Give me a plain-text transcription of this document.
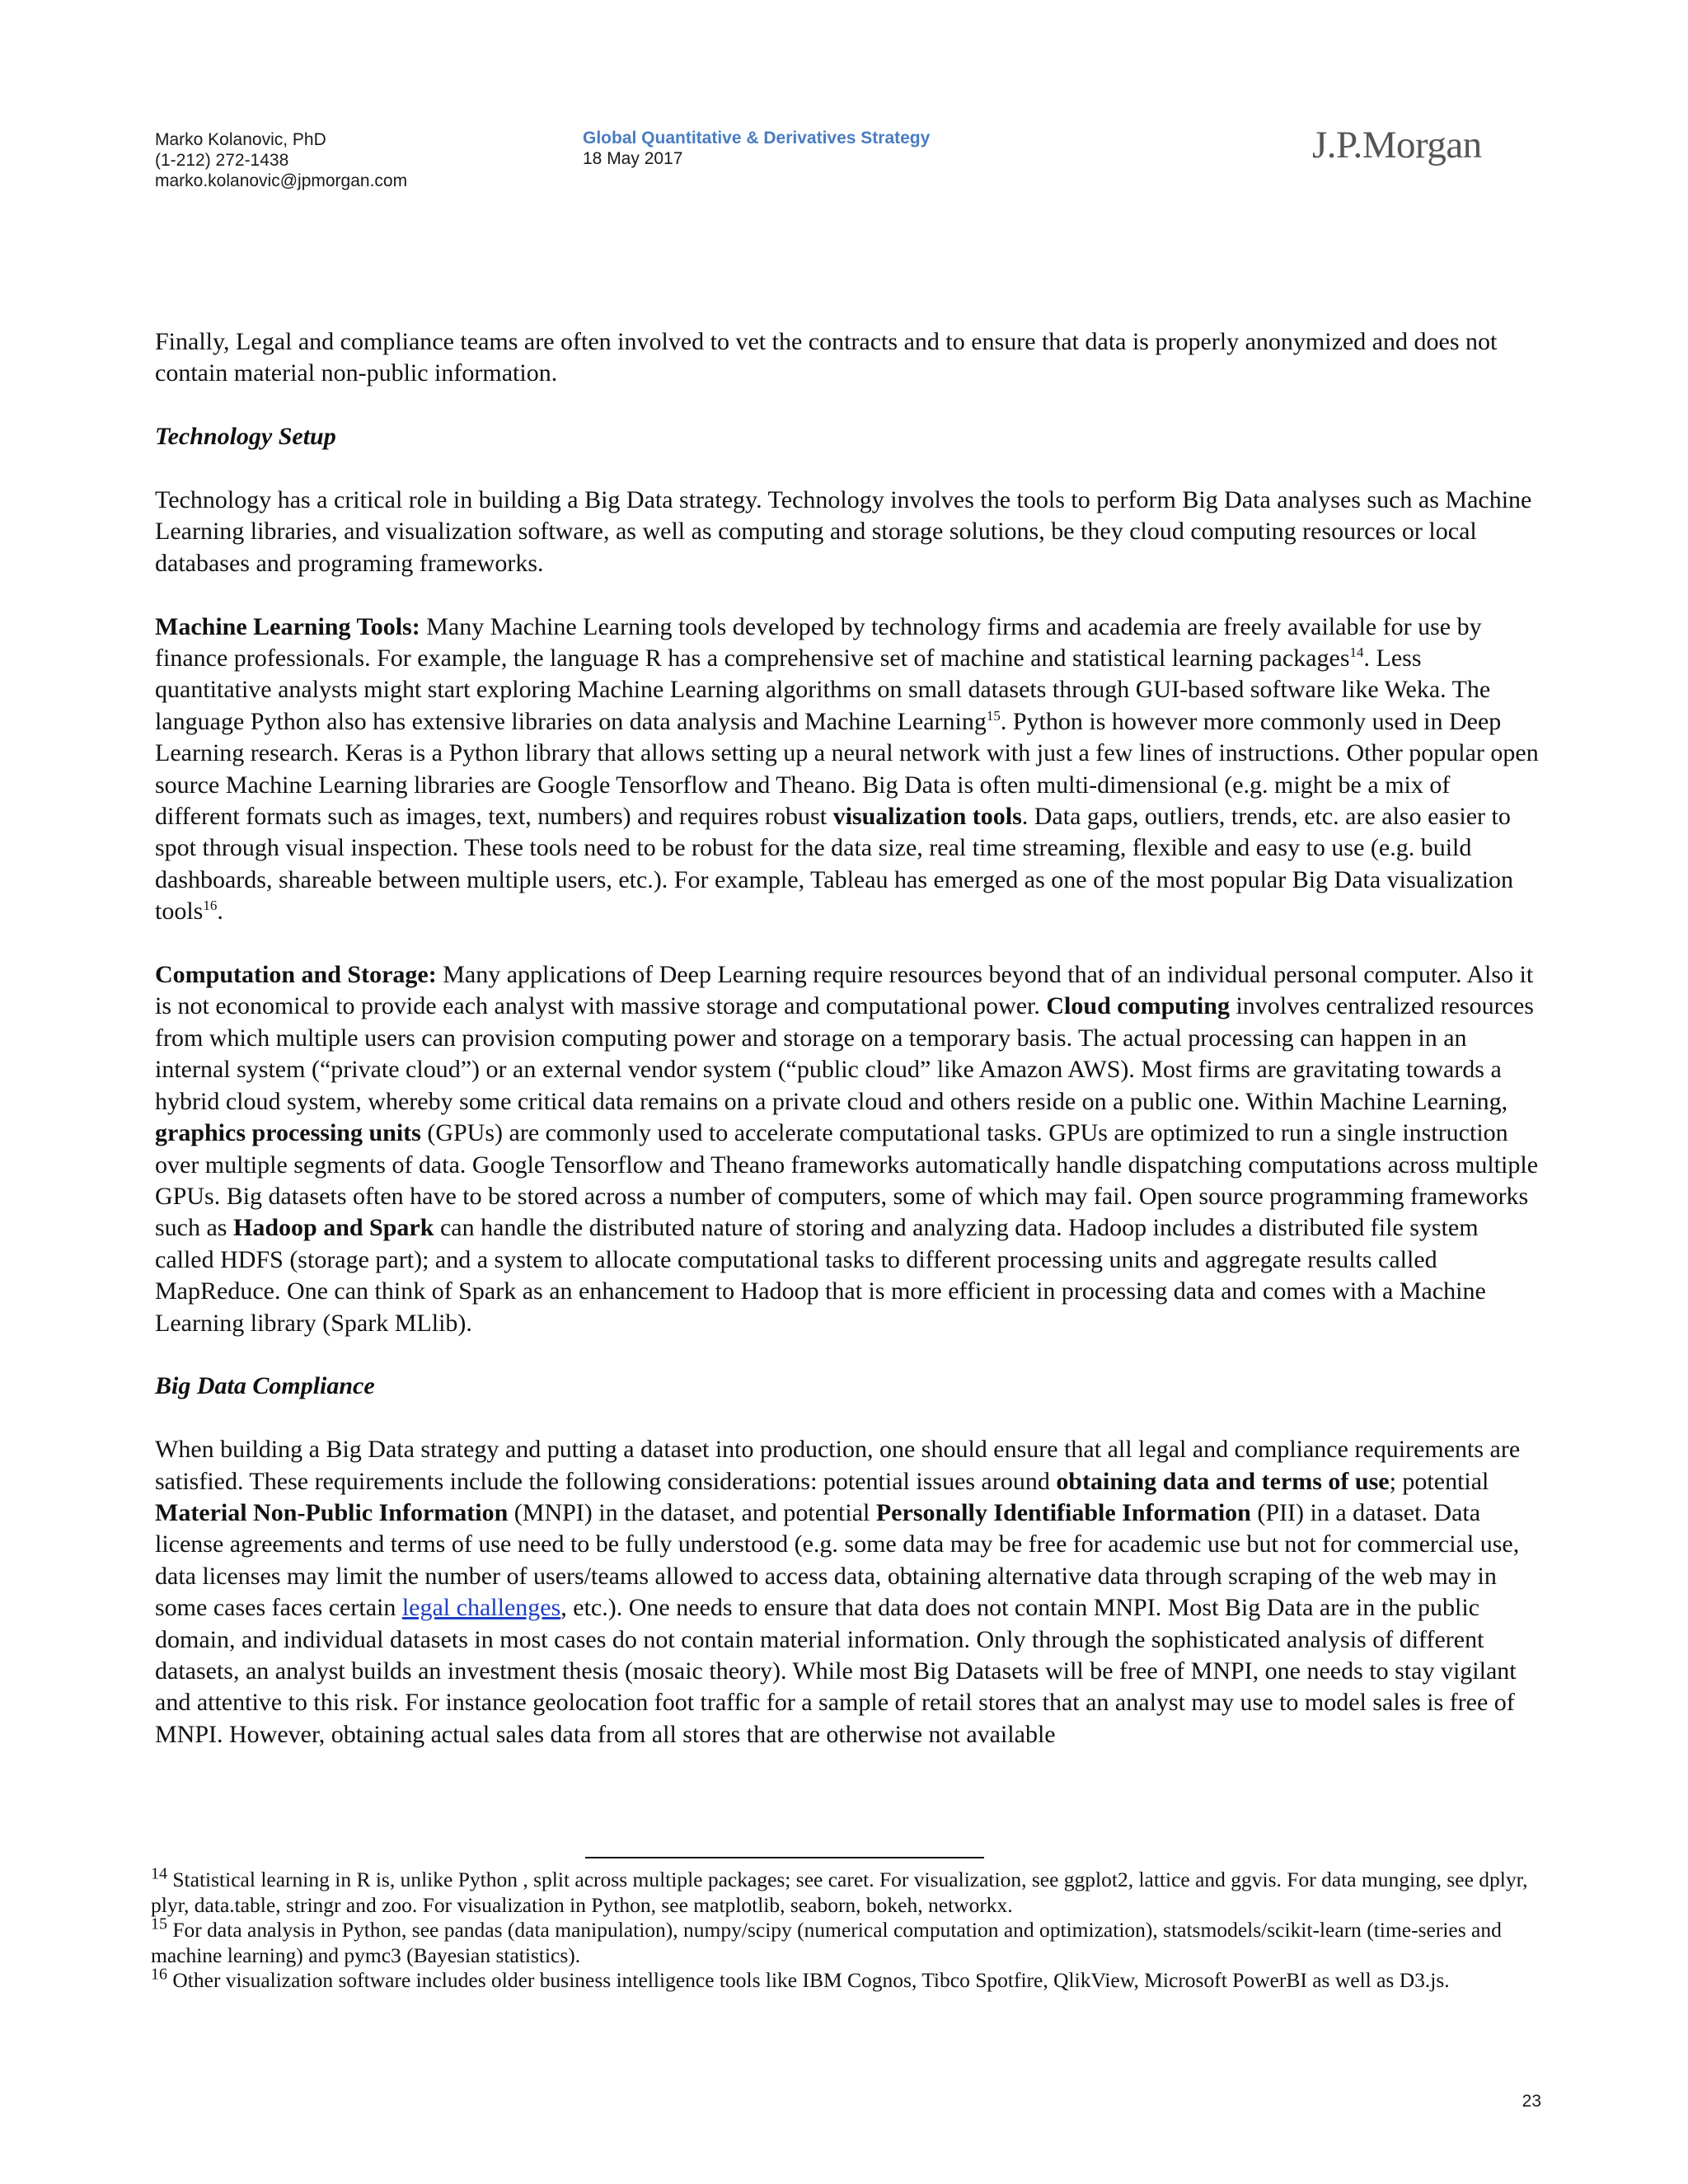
Marko Kolanovic, PhD
(1-212) 272-1438
marko.kolanovic@jpmorgan.com
Global Quantitative & Derivatives Strategy
18 May 2017	J.P.Morgan

Finally, Legal and compliance teams are often involved to vet the contracts and to ensure that data is properly anonymized and does not contain material non-public information.

Technology Setup

Technology has a critical role in building a Big Data strategy. Technology involves the tools to perform Big Data analyses such as Machine Learning libraries, and visualization software, as well as computing and storage solutions, be they cloud computing resources or local databases and programing frameworks.

Machine Learning Tools: Many Machine Learning tools developed by technology firms and academia are freely available for use by finance professionals. For example, the language R has a comprehensive set of machine and statistical learning packages$^{14}$. Less quantitative analysts might start exploring Machine Learning algorithms on small datasets through GUI-based software like Weka. The language Python also has extensive libraries on data analysis and Machine Learning$^{15}$. Python is however more commonly used in Deep Learning research. Keras is a Python library that allows setting up a neural network with just a few lines of instructions. Other popular open source Machine Learning libraries are Google Tensorflow and Theano. Big Data is often multi-dimensional (e.g. might be a mix of different formats such as images, text, numbers) and requires robust visualization tools. Data gaps, outliers, trends, etc. are also easier to spot through visual inspection. These tools need to be robust for the data size, real time streaming, flexible and easy to use (e.g. build dashboards, shareable between multiple users, etc.). For example, Tableau has emerged as one of the most popular Big Data visualization tools$^{16}$.

Computation and Storage: Many applications of Deep Learning require resources beyond that of an individual personal computer. Also it is not economical to provide each analyst with massive storage and computational power. Cloud computing involves centralized resources from which multiple users can provision computing power and storage on a temporary basis. The actual processing can happen in an internal system (“private cloud”) or an external vendor system (“public cloud” like Amazon AWS). Most firms are gravitating towards a hybrid cloud system, whereby some critical data remains on a private cloud and others reside on a public one. Within Machine Learning, graphics processing units (GPUs) are commonly used to accelerate computational tasks. GPUs are optimized to run a single instruction over multiple segments of data. Google Tensorflow and Theano frameworks automatically handle dispatching computations across multiple GPUs. Big datasets often have to be stored across a number of computers, some of which may fail. Open source programming frameworks such as Hadoop and Spark can handle the distributed nature of storing and analyzing data. Hadoop includes a distributed file system called HDFS (storage part); and a system to allocate computational tasks to different processing units and aggregate results called MapReduce. One can think of Spark as an enhancement to Hadoop that is more efficient in processing data and comes with a Machine Learning library (Spark MLlib).

Big Data Compliance

When building a Big Data strategy and putting a dataset into production, one should ensure that all legal and compliance requirements are satisfied. These requirements include the following considerations: potential issues around obtaining data and terms of use; potential Material Non-Public Information (MNPI) in the dataset, and potential Personally Identifiable Information (PII) in a dataset. Data license agreements and terms of use need to be fully understood (e.g. some data may be free for academic use but not for commercial use, data licenses may limit the number of users/teams allowed to access data, obtaining alternative data through scraping of the web may in some cases faces certain legal challenges, etc.). One needs to ensure that data does not contain MNPI. Most Big Data are in the public domain, and individual datasets in most cases do not contain material information. Only through the sophisticated analysis of different datasets, an analyst builds an investment thesis (mosaic theory). While most Big Datasets will be free of MNPI, one needs to stay vigilant and attentive to this risk. For instance geolocation foot traffic for a sample of retail stores that an analyst may use to model sales is free of MNPI. However, obtaining actual sales data from all stores that are otherwise not available

$^{14}$ Statistical learning in R is, unlike Python , split across multiple packages; see caret. For visualization, see ggplot2, lattice and ggvis. For data munging, see dplyr, plyr, data.table, stringr and zoo. For visualization in Python, see matplotlib, seaborn, bokeh, networkx.

$^{15}$ For data analysis in Python, see pandas (data manipulation), numpy/scipy (numerical computation and optimization), statsmodels/scikit-learn (time-series and machine learning) and pymc3 (Bayesian statistics).

$^{16}$ Other visualization software includes older business intelligence tools like IBM Cognos, Tibco Spotfire, QlikView, Microsoft PowerBI as well as D3.js.

23
